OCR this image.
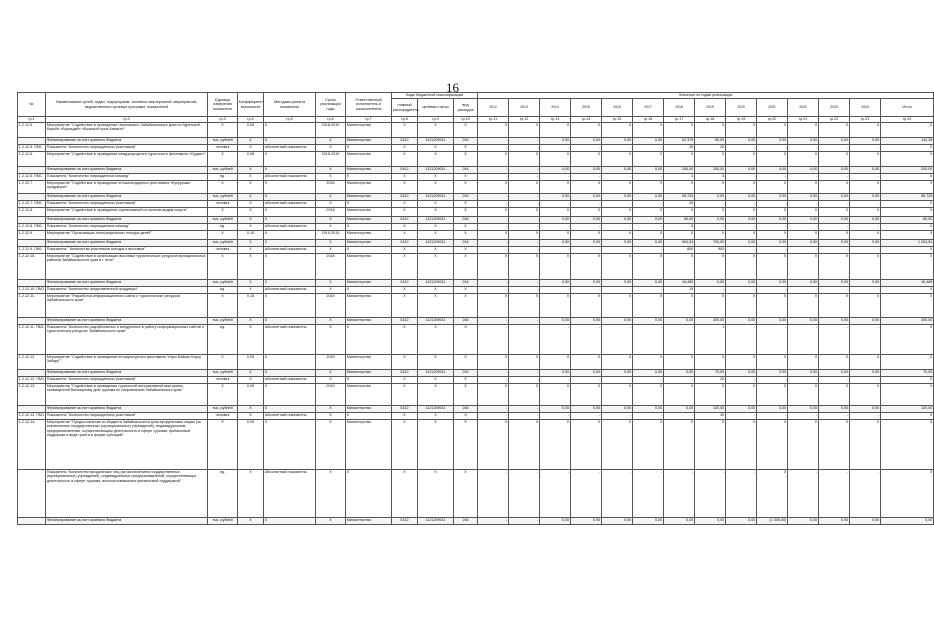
16
№	Наименование целей, задач, подпрограмм, основных мероприятий, мероприятий, ведомственных целевых программ, показателей	Единица измерения показателя	Коэффициент значимости	Методика расчета показателя	Сроки реализации годы	Ответственный исполнитель и соисполнители	Коды бюджетной классификации			Значения по годам реализации														
							главный распорядитель	целевая статья	вид расходов	2012	2013	2014	2015	2016	2017	2018	2019	2020	2021	2022	2023	2024	Итого	
гр.1	гр.2	гр.3	гр.4	гр.5	гр.6	гр.7	гр.8	гр.9	гр.10	гр.11	гр.12	гр.13	гр.14	гр.15	гр.16	гр.17	гр.18	гр.19	гр.20	гр.21	гр.22	гр.23	гр.24	
1.2.12.5.	Мероприятие "Содействие в проведении Черновского Забайкальского края по бурятской борьбе «Бархадай» «Большой приз Ахмата»"	X	0,05	X	2018-2019	Министерство	X	X	X	X	X	X	X	X	X	X	X	X	X	X	X	X	X	
	Финансирование за счет краевого бюджета	тыс. рублей	X	X	X	Министерство	0412	1121209011	244	-	-	0,00	0,00	0,00	0,00	62,375	80,00	0,00	0,00	0,00	0,00	0,00	142,38	
1.2.12.5. ПМ1	Показатель "Количество награжденных участников"	человек	X	Абсолютный показатель	X	X	X	X	X	-	-	-	-	-	-	30	20	-	-	-	-	-	X	
1.2.12.6.	Мероприятие "Содействие в проведении международного туристского фестиваля «Ордын»"	X	0,08	X	2018-2019	Министерство	X	X	X	X	X	X	X	X	X	X	X	X	X	X	X	X	X	
	Финансирование за счет краевого бюджета	тыс. рублей	X	X	X	Министерство	0412	1121209011	244	-	-	0,00	0,00	0,00	0,00	100,00	100,00	0,00	0,00	0,00	0,00	0,00	200,00	
1.2.12.6. ПМ1	Показатель "Количество награжденных команд"	ед.	X	Абсолютный показатель	X	X	X	X	X	-	-	-	-	-	-	4	4	-	-	-	-	-	X	
1.2.12.7.	Мероприятие "Содействие в проведении этнокалендарного фестиваля «Кукурушке продукция»"	X	X	X	2018	Министерство	X	X	X	X	X	X	X	X	X	X	X	X	X	X	X	X	X	
	Финансирование за счет краевого бюджета	тыс. рублей	X	X	X	Министерство	0412	1121209011	244	-	-	0,00	0,00	0,00	0,00	96,725	0,00	0,00	0,00	0,00	0,00	0,00	96,725	
1.2.12.7. ПМ1	Показатель "Количество награжденных участников"	человек	X	Абсолютный показатель	X	X	X	X	X	-	-	-	-	-	-	25	-	-	-	-	-	-	X	
1.2.12.8.	Мероприятие "Содействие в проведении соревнований по конным видам спорта"	X	X	X	2018	Министерство	X	X	X	X	X	X	X	X	X	X	X	X	X	X	X	X	X	
	Финансирование за счет краевого бюджета	тыс. рублей	X	X	X	Министерство	0412	1121209011	244	-	-	0,00	0,00	0,00	0,00	80,00	0,00	0,00	0,00	0,00	0,00	0,00	80,00	
1.2.12.8. ПМ1	Показатель "Количество награжденных команд"	ед.	X	Абсолютный показатель	X	X	X	X	X	-	-	-	-	-	-	5	-	-	-	-	-	-	X	
1.2.12.9.	Мероприятие "Организация этнографических поездок детей"	X	0,10	X	2019-2019	Министерство	X	X	X	X	X	X	X	X	X	X	X	X	X	X	X	X	X	
	Финансирование за счет краевого бюджета	тыс. рублей	X	X	X	Министерство	0412	1121209011	244	-	-	0,00	0,00	0,00	0,00	504,54	700,00	0,00	0,00	0,00	0,00	0,00	1 204,54	
1.2.12.9. ПМ1	Показатель " Количество участников поездок и выставок"	человек	X	Абсолютный показатель	X	X	X	X	X	-	-	-	-	-	-	800	900	-	-	-	-	-	X	
1.2.12.10.	Мероприятие "Содействие в организации выставки туристических ресурсов муниципальных районов Забайкальского края в г. Чите"	X	X	X	2018	Министерство	X	X	X	X	X	X	X	X	X	X	X	X	X	X	X	X	X	
	Финансирование за счет краевого бюджета	тыс. рублей	X	X	X	Министерство	0412	1121209011	244	-	-	0,00	0,00	0,00	0,00	16,465	0,00	0,00	0,00	0,00	0,00	0,00	16,465	
1.2.12.10. ПМ1	Показатель "Количество представленной продукции"	ед.	X	Абсолютный показатель	X	X	X	X	X	-	-	-	-	-	-	15	-	-	-	-	-	-	X	
1.2.12.11.	Мероприятие "Разработка информационного сайта о туристических ресурсах Забайкальского края"	X	0,15	X	2019	Министерство	X	X	X	X	X	X	X	X	X	X	X	X	X	X	X	X	X	
	Финансирование за счет краевого бюджета	тыс. рублей	X	X	X	Министерство	0412	1121209011	244	-	-	0,00	0,00	0,00	0,00	0,00	300,00	0,00	0,00	0,00	0,00	0,00	300,00	
1.2.12.11. ПМ1	Показатель "Количество разработанных и внедренных в работу информационных сайтов о туристических ресурсах Забайкальского края"	ед.	X	Абсолютный показатель	X	X	X	X	X	-	-	-	-	-	-	-	1	-	-	-	-	-	X	
1.2.12.12.	Мероприятие "Содействие в проведении этнокультурного фестиваля "Игры Байкал Баргу Забару""	X	0,05	X	2019	Министерство	X	X	X	X	X	X	X	X	X	X	X	X	X	X	X	X	X	
	Финансирование за счет краевого бюджета	тыс. рублей	X	X	X	Министерство	0412	1121209011	244	-	-	0,00	0,00	0,00	0,00	0,00	70,00	0,00	0,00	0,00	0,00	0,00	70,00	
1.2.12.12. ПМ1	Показатель "Количество награжденных участников"	человек	X	Абсолютный показатель	X	X	X	X	X	-	-	-	-	-	-	-	20	-	-	-	-	-	X	
1.2.12.13.	Мероприятие "Содействие в проведении туристской интерактивной викторины, посвященной Всемирному дню туризма по направлению Забайкальского края"	X	0,05	X	2019	Министерство	X	X	X	X	X	X	X	X	X	X	X	X	X	X	X	X	X	
	Финансирование за счет краевого бюджета	тыс. рублей	X	X	X	Министерство	0412	1121209011	244	-	-	0,00	0,00	0,00	0,00	0,00	120,00	0,00	0,00	0,00	0,00	0,00	120,00	
1.2.12.13. ПМ1	Показатель "Количество награжденных участников"	человек	X	Абсолютный показатель	X	X	X	X	X	-	-	-	-	-	-	-	30	-	-	-	-	-	X	
1.2.12.14.	Мероприятие "Предоставление из бюджета Забайкальского края юридическим лицам (за исключением государственных (муниципальных) учреждений), индивидуальным предпринимателям, осуществляющим деятельность в сфере туризма, финансовой поддержки в виде гранта в форме субсидий"	X	0,05	X	X	Министерство	X	X	X	X	X	X	X	X	X	X	X	X	X	X	X	X	X	
	Показатель "Количество юридических лиц (за исключением государственных (муниципальных) учреждений), индивидуальных предпринимателей, осуществляющих деятельность в сфере туризма, воспользовавшихся финансовой поддержкой"	ед.	X	Абсолютный показатель	X	X	X	X	X	-	-	-	-	-	-	-	-	-	5	-	-	-	X	
	Финансирование за счет краевого бюджета	тыс. рублей	X	X	X	Министерство	0412	1121209011	244	-	-	0,00	0,00	0,00	0,00	0,00	0,00	0,00	(1 000,00)	0,00	0,00	0,00	0,00	
